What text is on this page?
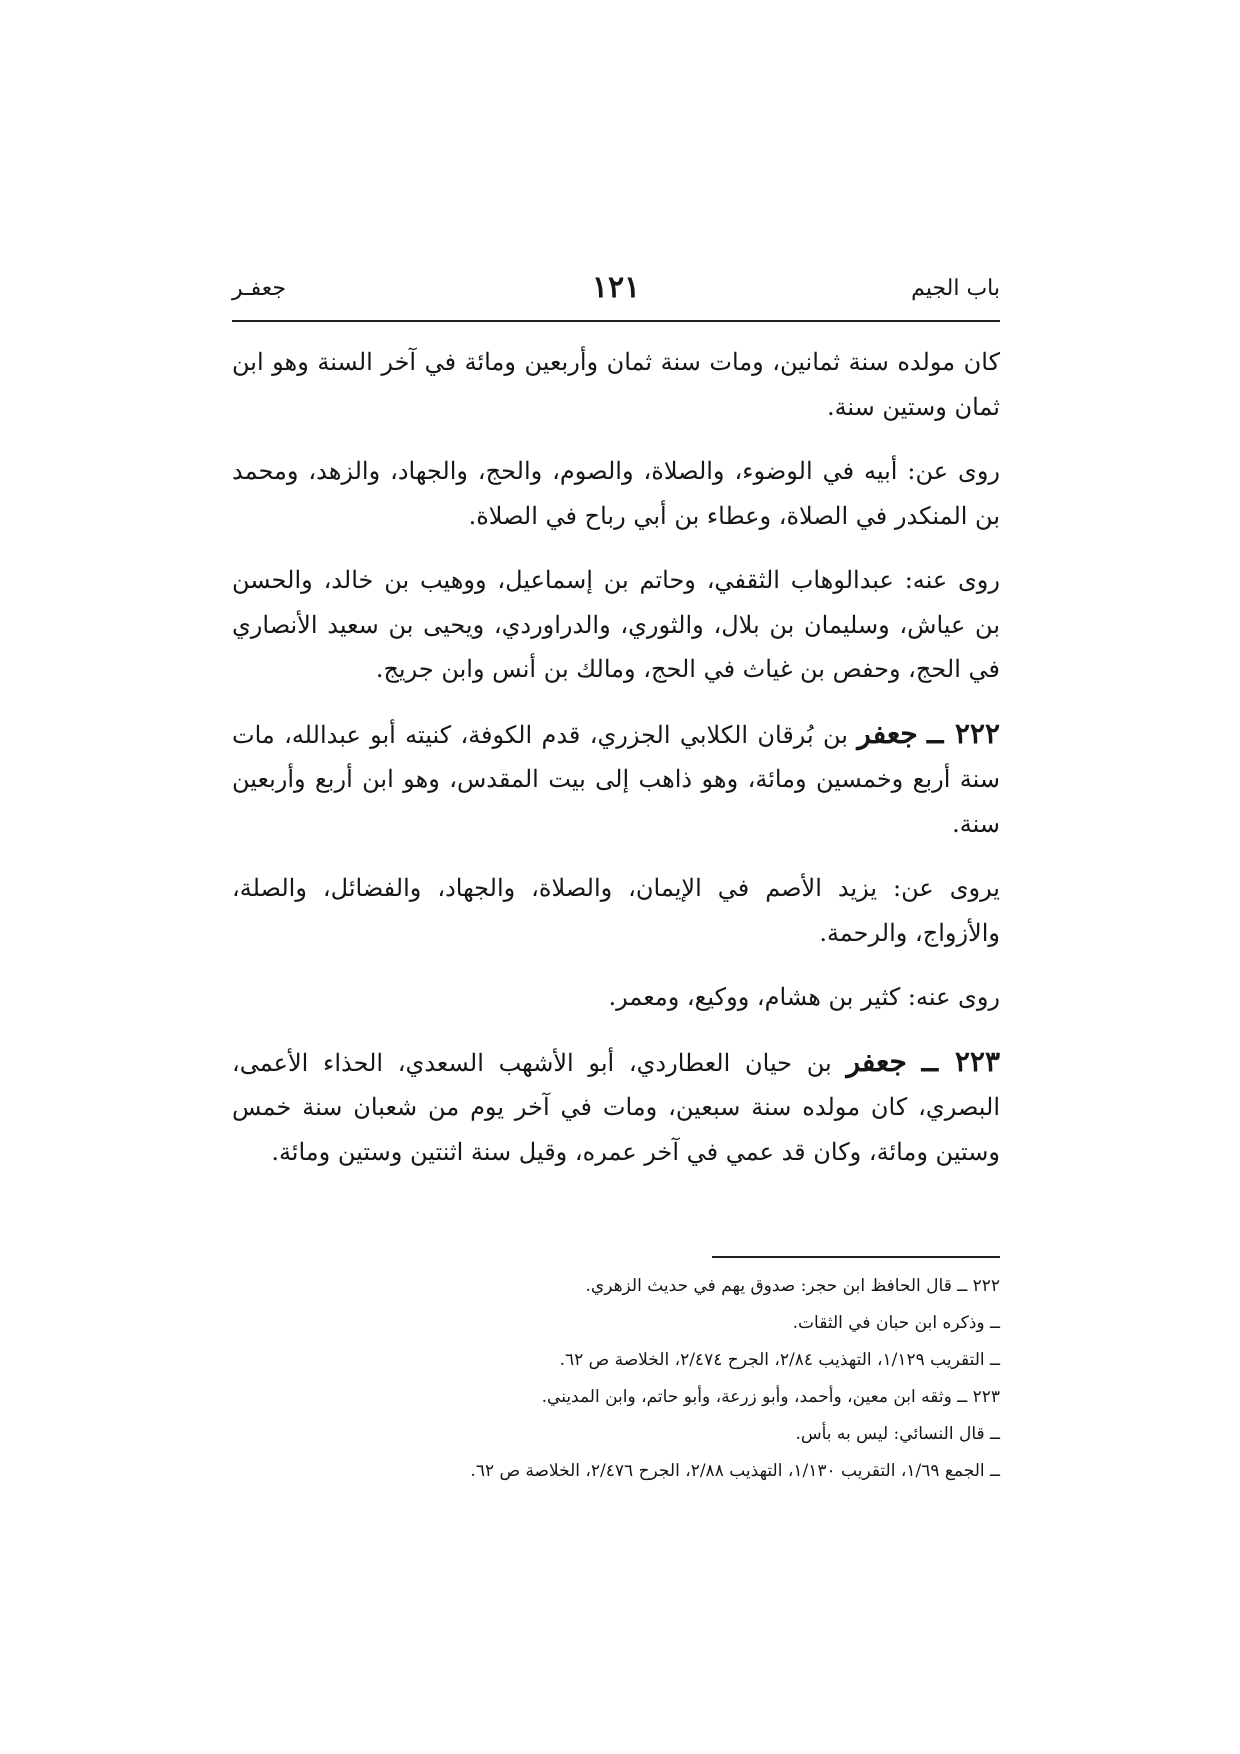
باب الجيم
١٢١
جعفـر

كان مولده سنة ثمانين، ومات سنة ثمان وأربعين ومائة في آخر السنة وهو ابن ثمان وستين سنة.

روى عن: أبيه في الوضوء، والصلاة، والصوم، والحج، والجهاد، والزهد، ومحمد بن المنكدر في الصلاة، وعطاء بن أبي رباح في الصلاة.

روى عنه: عبدالوهاب الثقفي، وحاتم بن إسماعيل، ووهيب بن خالد، والحسن بن عياش، وسليمان بن بلال، والثوري، والدراوردي، ويحيى بن سعيد الأنصاري في الحج، وحفص بن غياث في الحج، ومالك بن أنس وابن جريج.

٢٢٢ ــ جعفر بن بُرقان الكلابي الجزري، قدم الكوفة، كنيته أبو عبدالله، مات سنة أربع وخمسين ومائة، وهو ذاهب إلى بيت المقدس، وهو ابن أربع وأربعين سنة.

يروى عن: يزيد الأصم في الإيمان، والصلاة، والجهاد، والفضائل، والصلة، والأزواج، والرحمة.

روى عنه: كثير بن هشام، ووكيع، ومعمر.

٢٢٣ ــ جعفر بن حيان العطاردي، أبو الأشهب السعدي، الحذاء الأعمى، البصري، كان مولده سنة سبعين، ومات في آخر يوم من شعبان سنة خمس وستين ومائة، وكان قد عمي في آخر عمره، وقيل سنة اثنتين وستين ومائة.

٢٢٢ ــ قال الحافظ ابن حجر: صدوق يهم في حديث الزهري.
ــ وذكره ابن حبان في الثقات.
ــ التقريب ١/١٢٩، التهذيب ٢/٨٤، الجرح ٢/٤٧٤، الخلاصة ص ٦٢.
٢٢٣ ــ وثقه ابن معين، وأحمد، وأبو زرعة، وأبو حاتم، وابن المديني.
ــ قال النسائي: ليس به بأس.
ــ الجمع ١/٦٩، التقريب ١/١٣٠، التهذيب ٢/٨٨، الجرح ٢/٤٧٦، الخلاصة ص ٦٢.
